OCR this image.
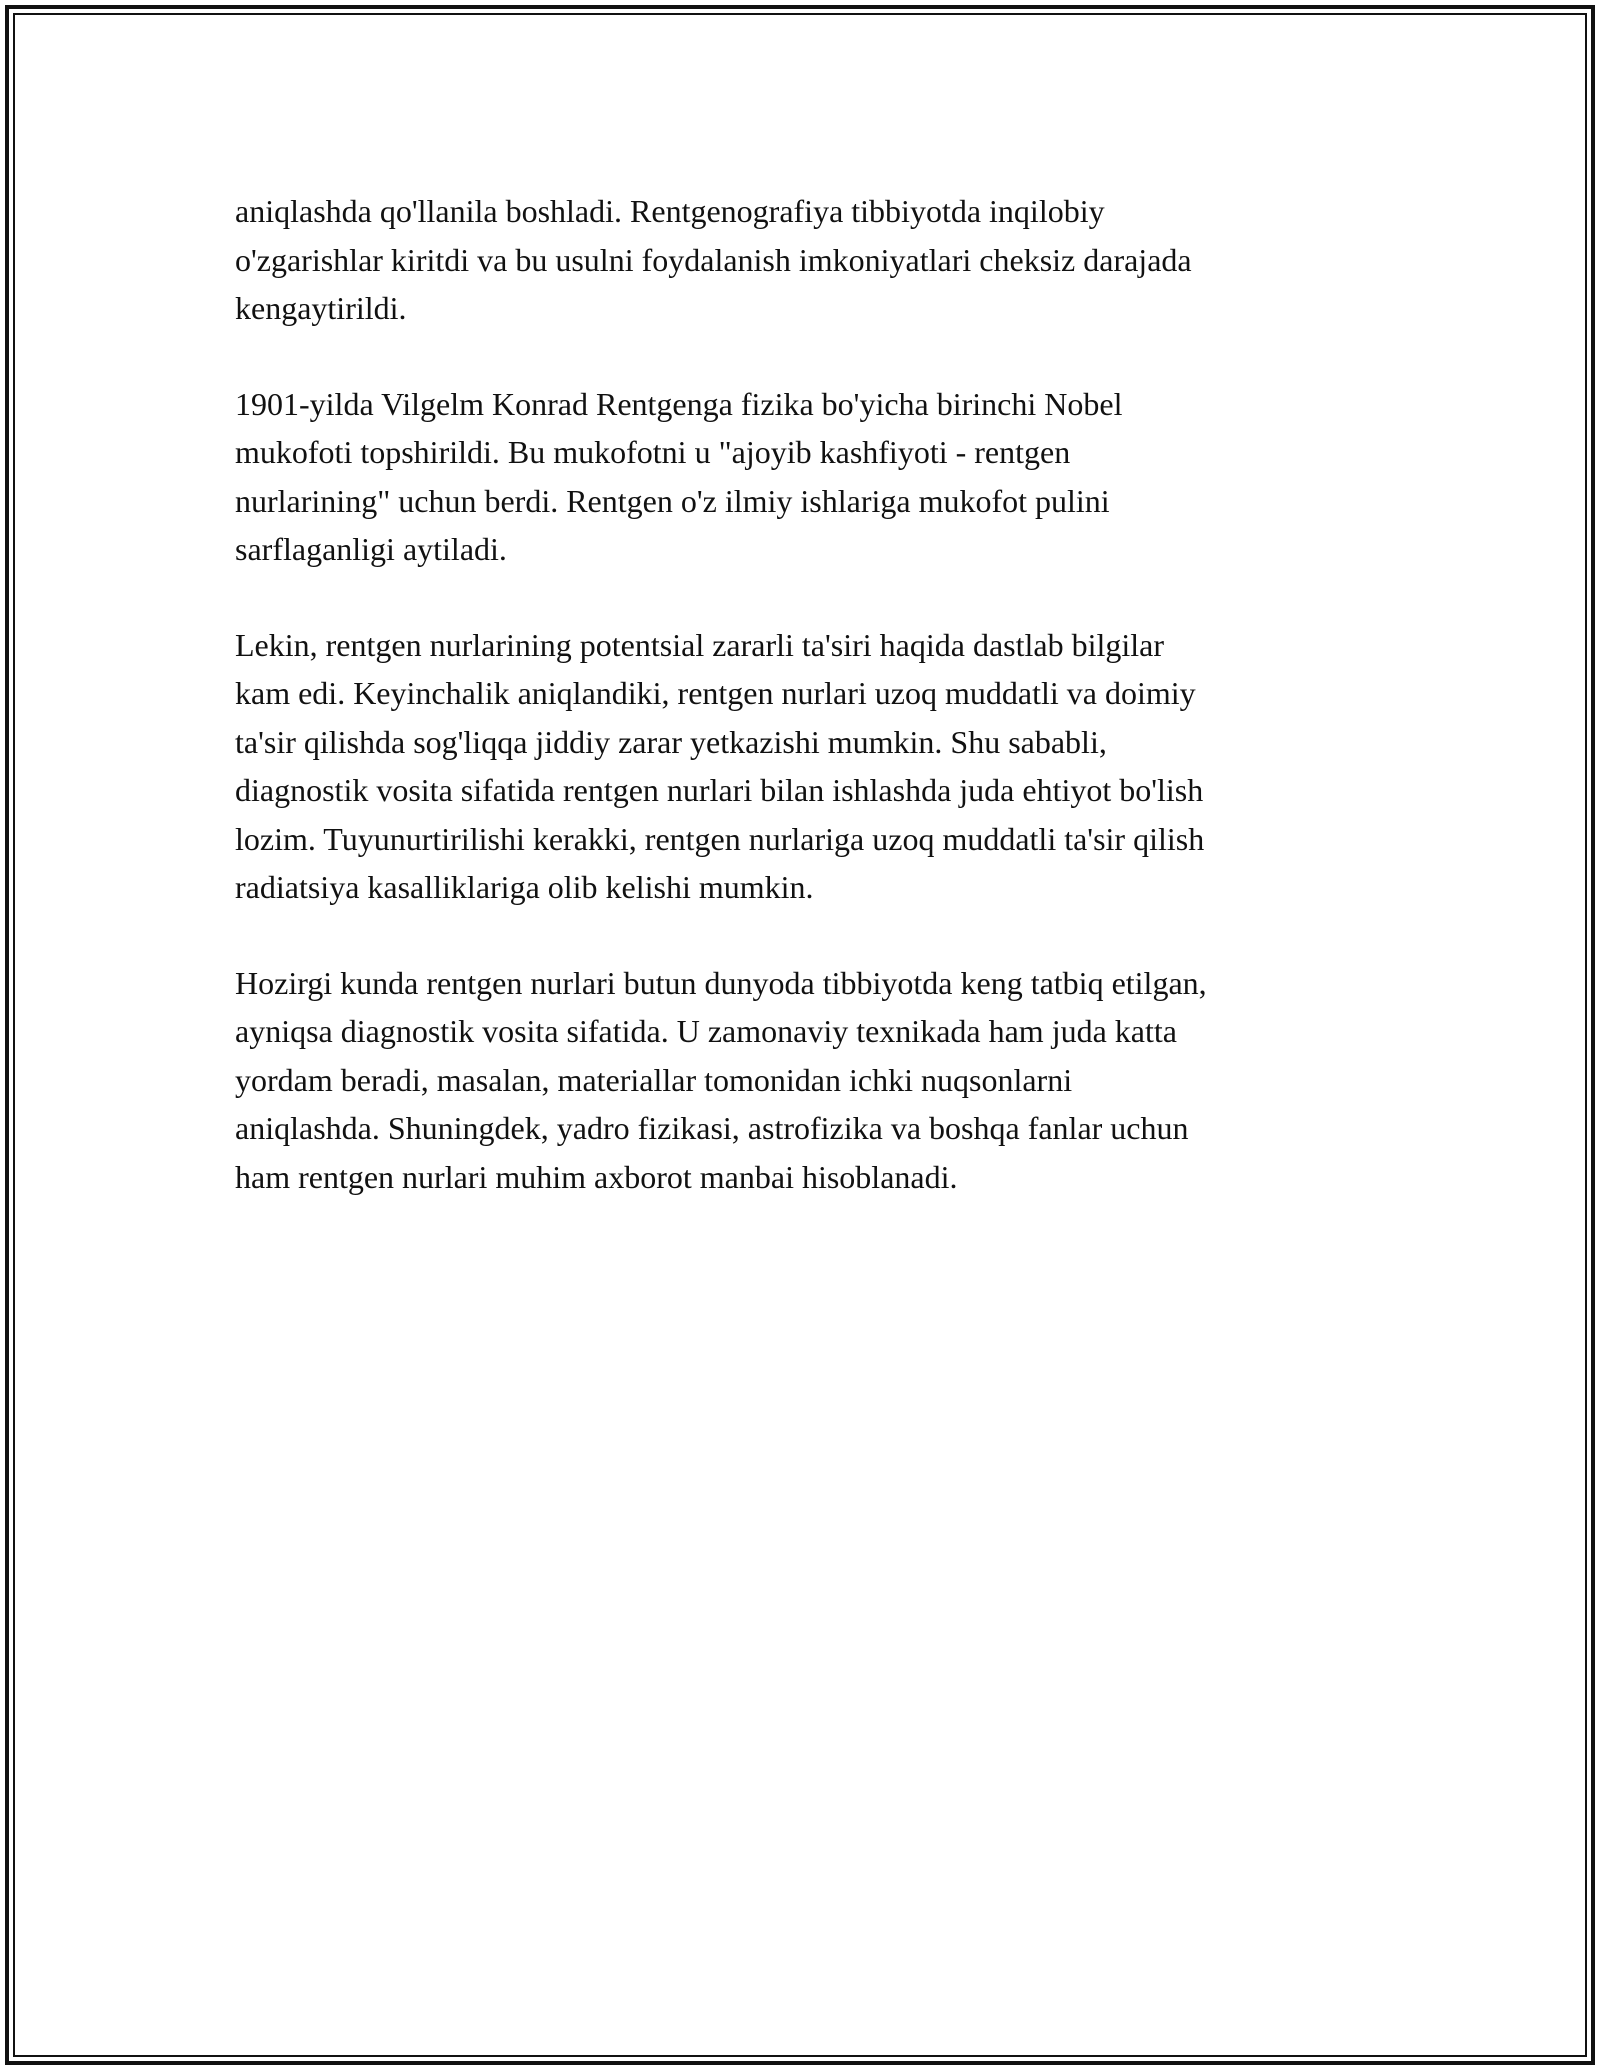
aniqlashda qo'llanila boshladi. Rentgenografiya tibbiyotda inqilobiy
o'zgarishlar kiritdi va bu usulni foydalanish imkoniyatlari cheksiz darajada
kengaytirildi.

1901-yilda Vilgelm Konrad Rentgenga fizika bo'yicha birinchi Nobel
mukofoti topshirildi. Bu mukofotni u "ajoyib kashfiyoti - rentgen
nurlarining" uchun berdi. Rentgen o'z ilmiy ishlariga mukofot pulini
sarflaganligi aytiladi.

Lekin, rentgen nurlarining potentsial zararli ta'siri haqida dastlab bilgilar
kam edi. Keyinchalik aniqlandiki, rentgen nurlari uzoq muddatli va doimiy
ta'sir qilishda sog'liqqa jiddiy zarar yetkazishi mumkin. Shu sababli,
diagnostik vosita sifatida rentgen nurlari bilan ishlashda juda ehtiyot bo'lish
lozim. Tuyunurtirilishi kerakki, rentgen nurlariga uzoq muddatli ta'sir qilish
radiatsiya kasalliklariga olib kelishi mumkin.

Hozirgi kunda rentgen nurlari butun dunyoda tibbiyotda keng tatbiq etilgan,
ayniqsa diagnostik vosita sifatida. U zamonaviy texnikada ham juda katta
yordam beradi, masalan, materiallar tomonidan ichki nuqsonlarni
aniqlashda. Shuningdek, yadro fizikasi, astrofizika va boshqa fanlar uchun
ham rentgen nurlari muhim axborot manbai hisoblanadi.
